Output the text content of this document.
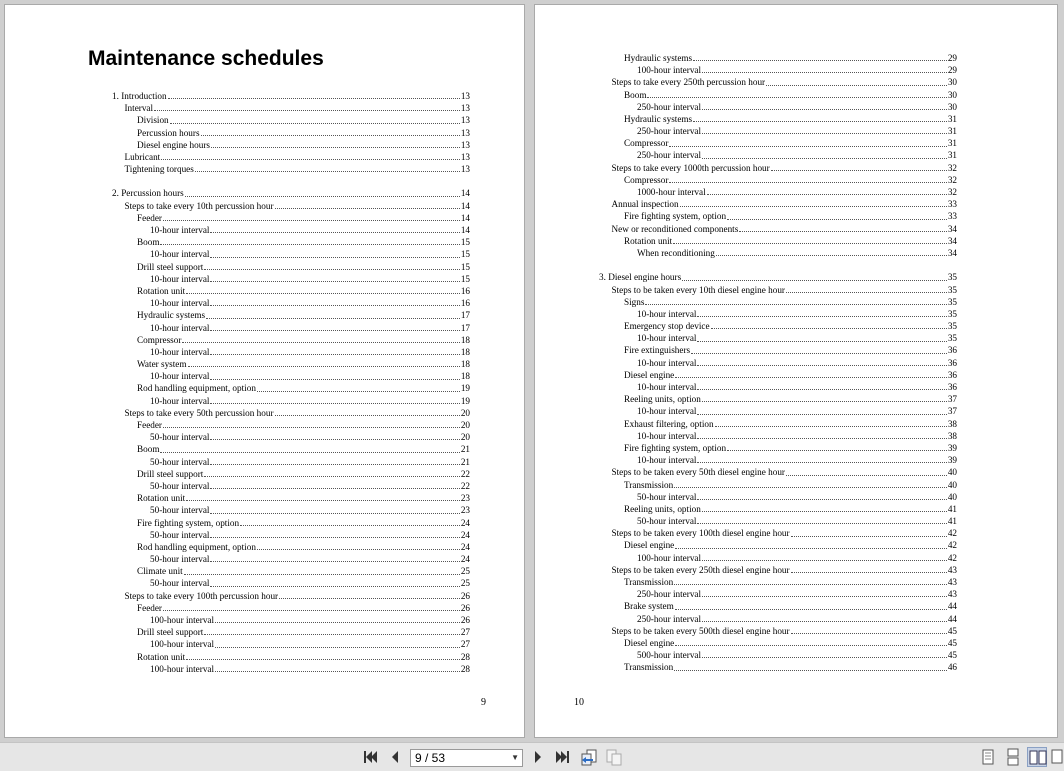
Maintenance schedules
1. Introduction	13
Interval	13
Division	13
Percussion hours	13
Diesel engine hours	13
Lubricant	13
Tightening torques	13
2. Percussion hours	14
Steps to take every 10th percussion hour	14
Feeder	14
10-hour interval	14
Boom	15
10-hour interval	15
Drill steel support	15
10-hour interval	15
Rotation unit	16
10-hour interval	16
Hydraulic systems	17
10-hour interval	17
Compressor	18
10-hour interval	18
Water system	18
10-hour interval	18
Rod handling equipment, option	19
10-hour interval	19
Steps to take every 50th percussion hour	20
Feeder	20
50-hour interval	20
Boom	21
50-hour interval	21
Drill steel support	22
50-hour interval	22
Rotation unit	23
50-hour interval	23
Fire fighting system, option	24
50-hour interval	24
Rod handling equipment, option	24
50-hour interval	24
Climate unit	25
50-hour interval	25
Steps to take every 100th percussion hour	26
Feeder	26
100-hour interval	26
Drill steel support	27
100-hour interval	27
Rotation unit	28
100-hour interval	28
9
Hydraulic systems	29
100-hour interval	29
Steps to take every 250th percussion hour	30
Boom	30
250-hour interval	30
Hydraulic systems	31
250-hour interval	31
Compressor	31
250-hour interval	31
Steps to take every 1000th percussion hour	32
Compressor	32
1000-hour interval	32
Annual inspection	33
Fire fighting system, option	33
New or reconditioned components	34
Rotation unit	34
When reconditioning	34
3. Diesel engine hours	35
Steps to be taken every 10th diesel engine hour	35
Signs	35
10-hour interval	35
Emergency stop device	35
10-hour interval	35
Fire extinguishers	36
10-hour interval	36
Diesel engine	36
10-hour interval	36
Reeling units, option	37
10-hour interval	37
Exhaust filtering, option	38
10-hour interval	38
Fire fighting system, option	39
10-hour interval	39
Steps to be taken every 50th diesel engine hour	40
Transmission	40
50-hour interval	40
Reeling units, option	41
50-hour interval	41
Steps to be taken every 100th diesel engine hour	42
Diesel engine	42
100-hour interval	42
Steps to be taken every 250th diesel engine hour	43
Transmission	43
250-hour interval	43
Brake system	44
250-hour interval	44
Steps to be taken every 500th diesel engine hour	45
Diesel engine	45
500-hour interval	45
Transmission	46
10
9 / 53	▼
